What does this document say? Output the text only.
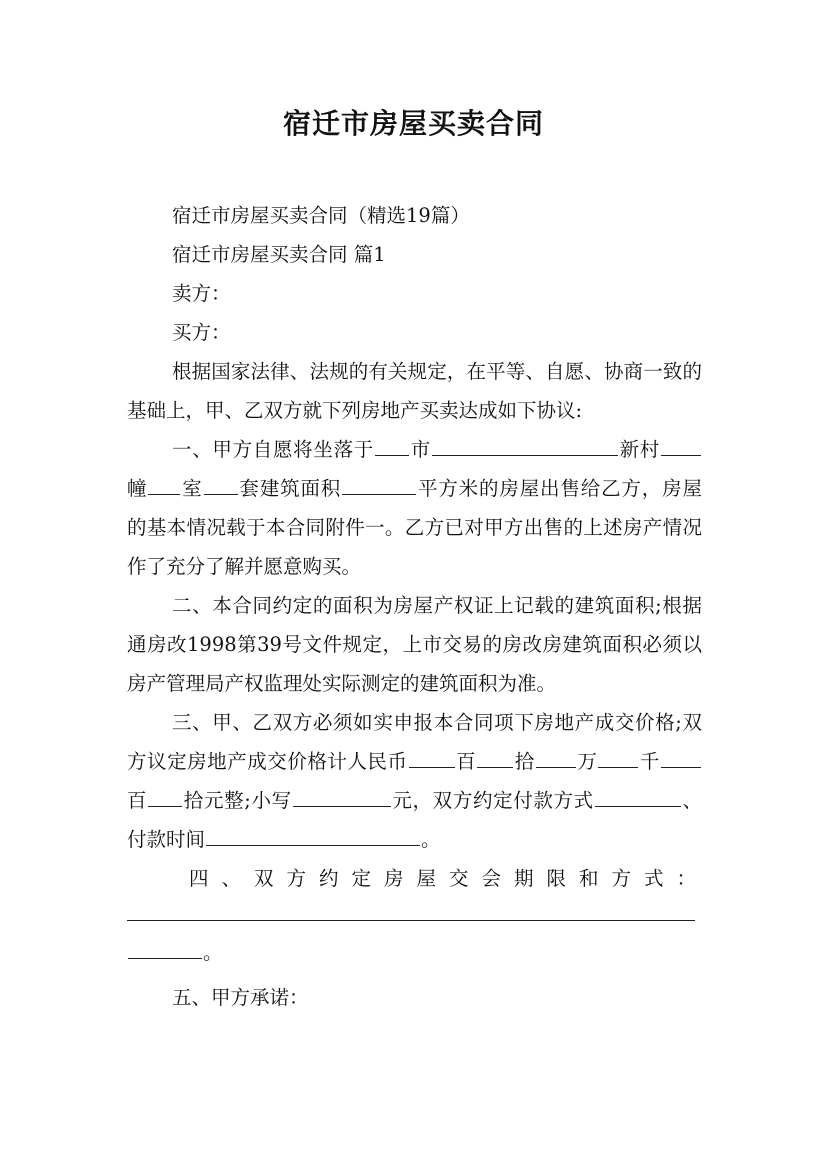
宿迁市房屋买卖合同

宿迁市房屋买卖合同（精选19篇）

宿迁市房屋买卖合同 篇1

卖方：

买方：

根据国家法律、法规的有关规定，在平等、自愿、协商一致的基础上，甲、乙双方就下列房地产买卖达成如下协议:

一、甲方自愿将坐落于 市	新村幢 室 套建筑面积	平方米的房屋出售给乙方，房屋的基本情况载于本合同附件一。乙方已对甲方出售的上述房产情况作了充分了解并愿意购买。

二、本合同约定的面积为房屋产权证上记载的建筑面积;根据通房改1998第39号文件规定，上市交易的房改房建筑面积必须以房产管理局产权监理处实际测定的建筑面积为准。

三、甲、乙双方必须如实申报本合同项下房地产成交价格;双方议定房地产成交价格计人民币 百 拾 万 千百 拾元整;小写	元，双方约定付款方式	、付款时间	。

四、双方约定房屋交会期限和方式：

。

五、甲方承诺：
